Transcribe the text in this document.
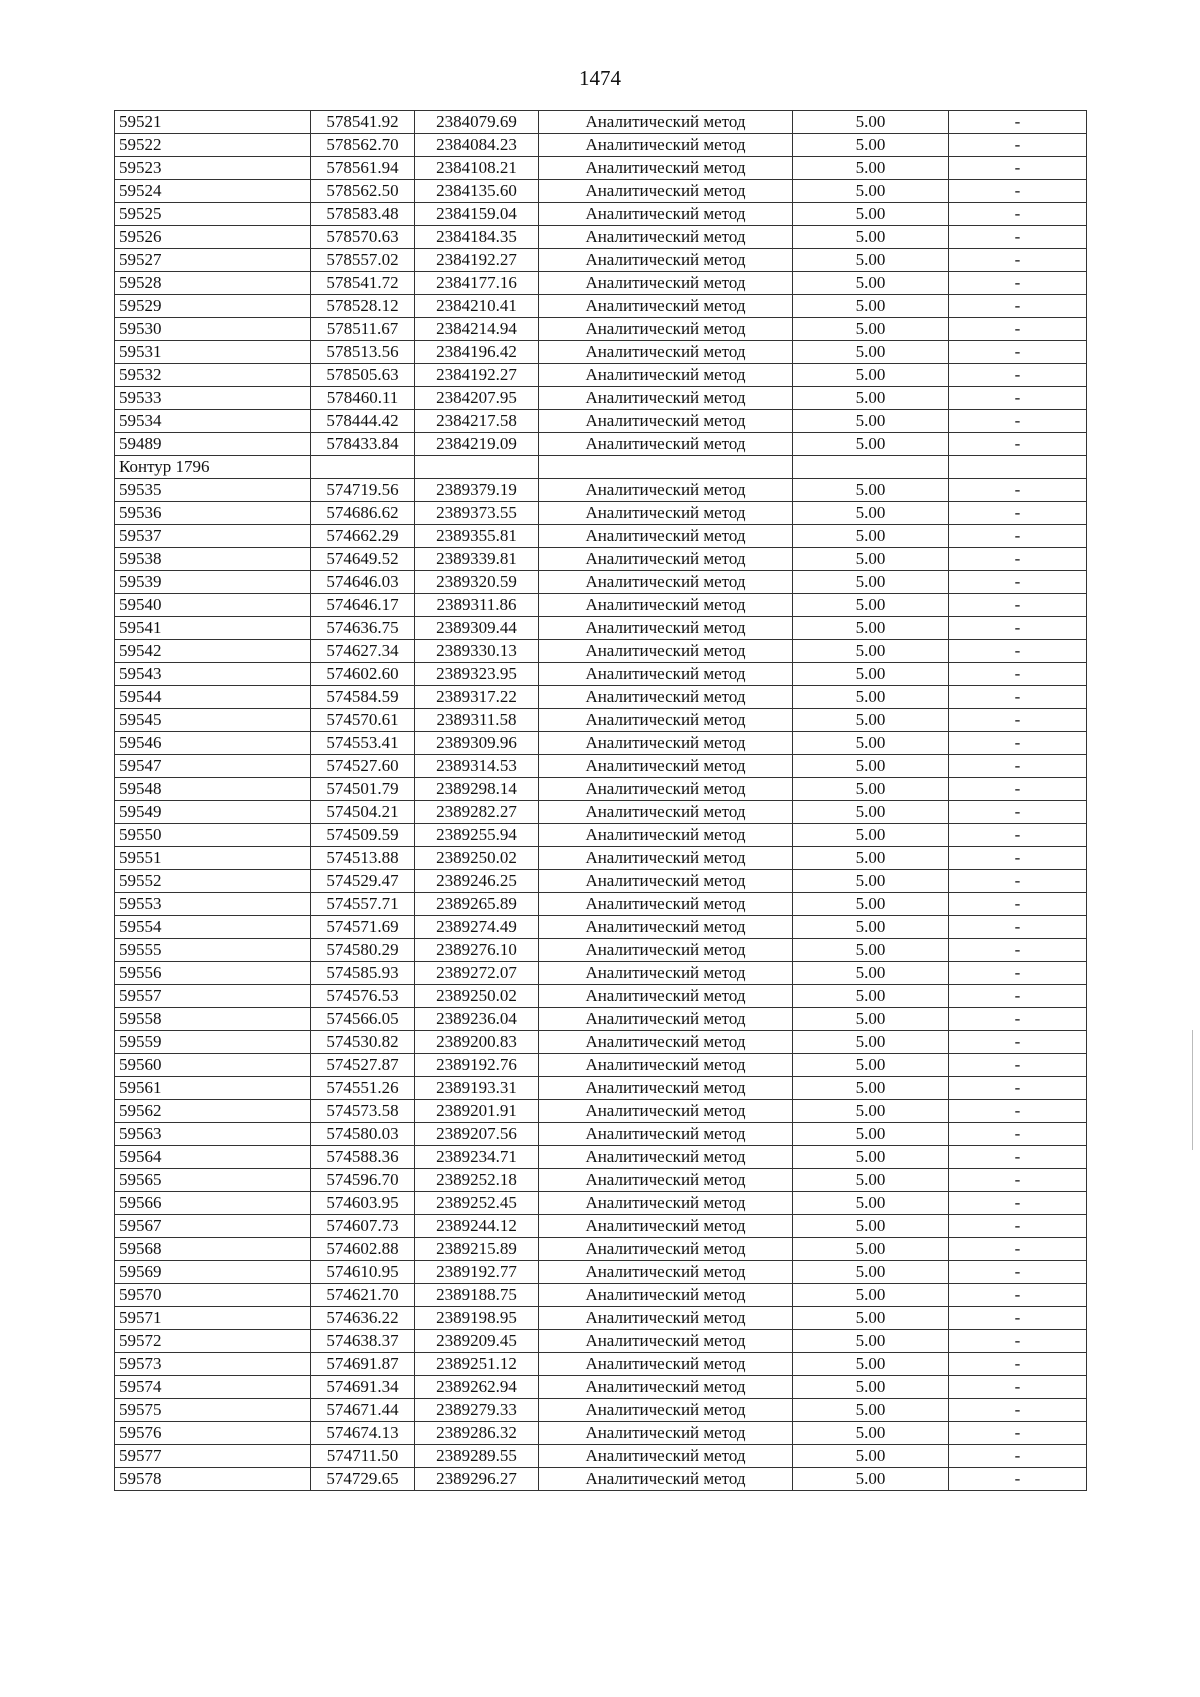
1474
59521	578541.92	2384079.69	Аналитический метод	5.00	-
59522	578562.70	2384084.23	Аналитический метод	5.00	-
59523	578561.94	2384108.21	Аналитический метод	5.00	-
59524	578562.50	2384135.60	Аналитический метод	5.00	-
59525	578583.48	2384159.04	Аналитический метод	5.00	-
59526	578570.63	2384184.35	Аналитический метод	5.00	-
59527	578557.02	2384192.27	Аналитический метод	5.00	-
59528	578541.72	2384177.16	Аналитический метод	5.00	-
59529	578528.12	2384210.41	Аналитический метод	5.00	-
59530	578511.67	2384214.94	Аналитический метод	5.00	-
59531	578513.56	2384196.42	Аналитический метод	5.00	-
59532	578505.63	2384192.27	Аналитический метод	5.00	-
59533	578460.11	2384207.95	Аналитический метод	5.00	-
59534	578444.42	2384217.58	Аналитический метод	5.00	-
59489	578433.84	2384219.09	Аналитический метод	5.00	-
Контур 1796					
59535	574719.56	2389379.19	Аналитический метод	5.00	-
59536	574686.62	2389373.55	Аналитический метод	5.00	-
59537	574662.29	2389355.81	Аналитический метод	5.00	-
59538	574649.52	2389339.81	Аналитический метод	5.00	-
59539	574646.03	2389320.59	Аналитический метод	5.00	-
59540	574646.17	2389311.86	Аналитический метод	5.00	-
59541	574636.75	2389309.44	Аналитический метод	5.00	-
59542	574627.34	2389330.13	Аналитический метод	5.00	-
59543	574602.60	2389323.95	Аналитический метод	5.00	-
59544	574584.59	2389317.22	Аналитический метод	5.00	-
59545	574570.61	2389311.58	Аналитический метод	5.00	-
59546	574553.41	2389309.96	Аналитический метод	5.00	-
59547	574527.60	2389314.53	Аналитический метод	5.00	-
59548	574501.79	2389298.14	Аналитический метод	5.00	-
59549	574504.21	2389282.27	Аналитический метод	5.00	-
59550	574509.59	2389255.94	Аналитический метод	5.00	-
59551	574513.88	2389250.02	Аналитический метод	5.00	-
59552	574529.47	2389246.25	Аналитический метод	5.00	-
59553	574557.71	2389265.89	Аналитический метод	5.00	-
59554	574571.69	2389274.49	Аналитический метод	5.00	-
59555	574580.29	2389276.10	Аналитический метод	5.00	-
59556	574585.93	2389272.07	Аналитический метод	5.00	-
59557	574576.53	2389250.02	Аналитический метод	5.00	-
59558	574566.05	2389236.04	Аналитический метод	5.00	-
59559	574530.82	2389200.83	Аналитический метод	5.00	-
59560	574527.87	2389192.76	Аналитический метод	5.00	-
59561	574551.26	2389193.31	Аналитический метод	5.00	-
59562	574573.58	2389201.91	Аналитический метод	5.00	-
59563	574580.03	2389207.56	Аналитический метод	5.00	-
59564	574588.36	2389234.71	Аналитический метод	5.00	-
59565	574596.70	2389252.18	Аналитический метод	5.00	-
59566	574603.95	2389252.45	Аналитический метод	5.00	-
59567	574607.73	2389244.12	Аналитический метод	5.00	-
59568	574602.88	2389215.89	Аналитический метод	5.00	-
59569	574610.95	2389192.77	Аналитический метод	5.00	-
59570	574621.70	2389188.75	Аналитический метод	5.00	-
59571	574636.22	2389198.95	Аналитический метод	5.00	-
59572	574638.37	2389209.45	Аналитический метод	5.00	-
59573	574691.87	2389251.12	Аналитический метод	5.00	-
59574	574691.34	2389262.94	Аналитический метод	5.00	-
59575	574671.44	2389279.33	Аналитический метод	5.00	-
59576	574674.13	2389286.32	Аналитический метод	5.00	-
59577	574711.50	2389289.55	Аналитический метод	5.00	-
59578	574729.65	2389296.27	Аналитический метод	5.00	-
